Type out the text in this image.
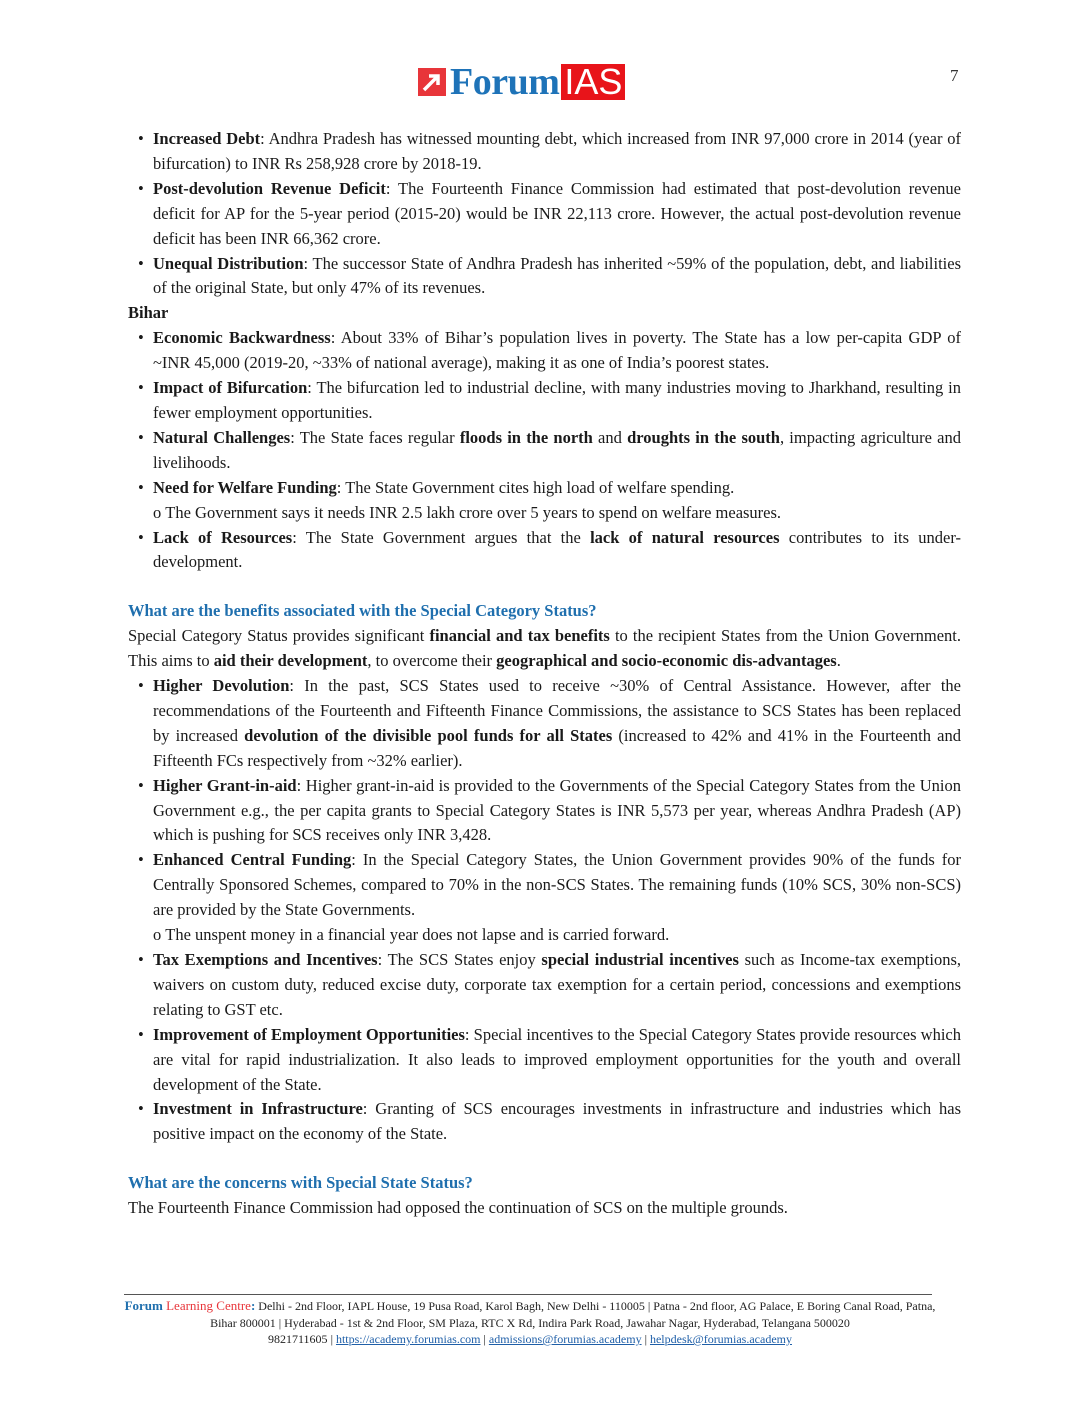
Forum IAS	7
• Increased Debt: Andhra Pradesh has witnessed mounting debt, which increased from INR 97,000 crore in 2014 (year of bifurcation) to INR Rs 258,928 crore by 2018-19.
• Post-devolution Revenue Deficit: The Fourteenth Finance Commission had estimated that post-devolution revenue deficit for AP for the 5-year period (2015-20) would be INR 22,113 crore. However, the actual post-devolution revenue deficit has been INR 66,362 crore.
• Unequal Distribution: The successor State of Andhra Pradesh has inherited ~59% of the population, debt, and liabilities of the original State, but only 47% of its revenues.
Bihar
• Economic Backwardness: About 33% of Bihar’s population lives in poverty. The State has a low per-capita GDP of ~INR 45,000 (2019-20, ~33% of national average), making it as one of India’s poorest states.
• Impact of Bifurcation: The bifurcation led to industrial decline, with many industries moving to Jharkhand, resulting in fewer employment opportunities.
• Natural Challenges: The State faces regular floods in the north and droughts in the south, impacting agriculture and livelihoods.
• Need for Welfare Funding: The State Government cites high load of welfare spending.
o The Government says it needs INR 2.5 lakh crore over 5 years to spend on welfare measures.
• Lack of Resources: The State Government argues that the lack of natural resources contributes to its under-development.
What are the benefits associated with the Special Category Status?
Special Category Status provides significant financial and tax benefits to the recipient States from the Union Government. This aims to aid their development, to overcome their geographical and socio-economic dis-advantages.
• Higher Devolution: In the past, SCS States used to receive ~30% of Central Assistance. However, after the recommendations of the Fourteenth and Fifteenth Finance Commissions, the assistance to SCS States has been replaced by increased devolution of the divisible pool funds for all States (increased to 42% and 41% in the Fourteenth and Fifteenth FCs respectively from ~32% earlier).
• Higher Grant-in-aid: Higher grant-in-aid is provided to the Governments of the Special Category States from the Union Government e.g., the per capita grants to Special Category States is INR 5,573 per year, whereas Andhra Pradesh (AP) which is pushing for SCS receives only INR 3,428.
• Enhanced Central Funding: In the Special Category States, the Union Government provides 90% of the funds for Centrally Sponsored Schemes, compared to 70% in the non-SCS States. The remaining funds (10% SCS, 30% non-SCS) are provided by the State Governments.
o The unspent money in a financial year does not lapse and is carried forward.
• Tax Exemptions and Incentives: The SCS States enjoy special industrial incentives such as Income-tax exemptions, waivers on custom duty, reduced excise duty, corporate tax exemption for a certain period, concessions and exemptions relating to GST etc.
• Improvement of Employment Opportunities: Special incentives to the Special Category States provide resources which are vital for rapid industrialization. It also leads to improved employment opportunities for the youth and overall development of the State.
• Investment in Infrastructure: Granting of SCS encourages investments in infrastructure and industries which has positive impact on the economy of the State.
What are the concerns with Special State Status?
The Fourteenth Finance Commission had opposed the continuation of SCS on the multiple grounds.
Forum Learning Centre: Delhi - 2nd Floor, IAPL House, 19 Pusa Road, Karol Bagh, New Delhi - 110005 | Patna - 2nd floor, AG Palace, E Boring Canal Road, Patna, Bihar 800001 | Hyderabad - 1st & 2nd Floor, SM Plaza, RTC X Rd, Indira Park Road, Jawahar Nagar, Hyderabad, Telangana 500020
9821711605 | https://academy.forumias.com | admissions@forumias.academy | helpdesk@forumias.academy
